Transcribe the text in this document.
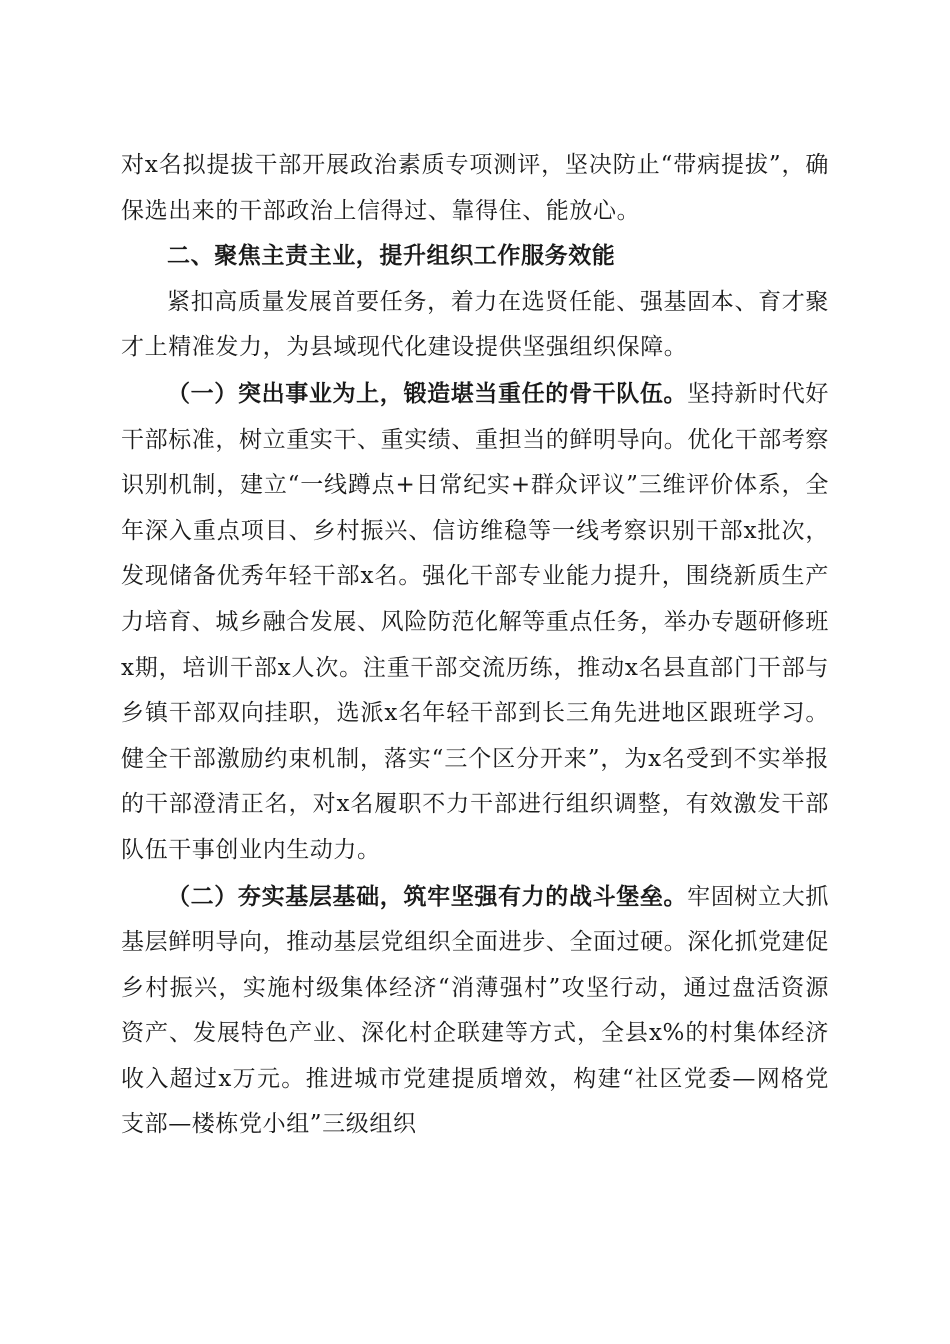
对x名拟提拔干部开展政治素质专项测评，坚决防止“带病提拔”，确保选出来的干部政治上信得过、靠得住、能放心。

二、聚焦主责主业，提升组织工作服务效能

紧扣高质量发展首要任务，着力在选贤任能、强基固本、育才聚才上精准发力，为县域现代化建设提供坚强组织保障。

（一）突出事业为上，锻造堪当重任的骨干队伍。坚持新时代好干部标准，树立重实干、重实绩、重担当的鲜明导向。优化干部考察识别机制，建立“一线蹲点+日常纪实+群众评议”三维评价体系，全年深入重点项目、乡村振兴、信访维稳等一线考察识别干部x批次，发现储备优秀年轻干部x名。强化干部专业能力提升，围绕新质生产力培育、城乡融合发展、风险防范化解等重点任务，举办专题研修班x期，培训干部x人次。注重干部交流历练，推动x名县直部门干部与乡镇干部双向挂职，选派x名年轻干部到长三角先进地区跟班学习。健全干部激励约束机制，落实“三个区分开来”，为x名受到不实举报的干部澄清正名，对x名履职不力干部进行组织调整，有效激发干部队伍干事创业内生动力。

（二）夯实基层基础，筑牢坚强有力的战斗堡垒。牢固树立大抓基层鲜明导向，推动基层党组织全面进步、全面过硬。深化抓党建促乡村振兴，实施村级集体经济“消薄强村”攻坚行动，通过盘活资源资产、发展特色产业、深化村企联建等方式，全县x%的村集体经济收入超过x万元。推进城市党建提质增效，构建“社区党委—网格党支部—楼栋党小组”三级组织
